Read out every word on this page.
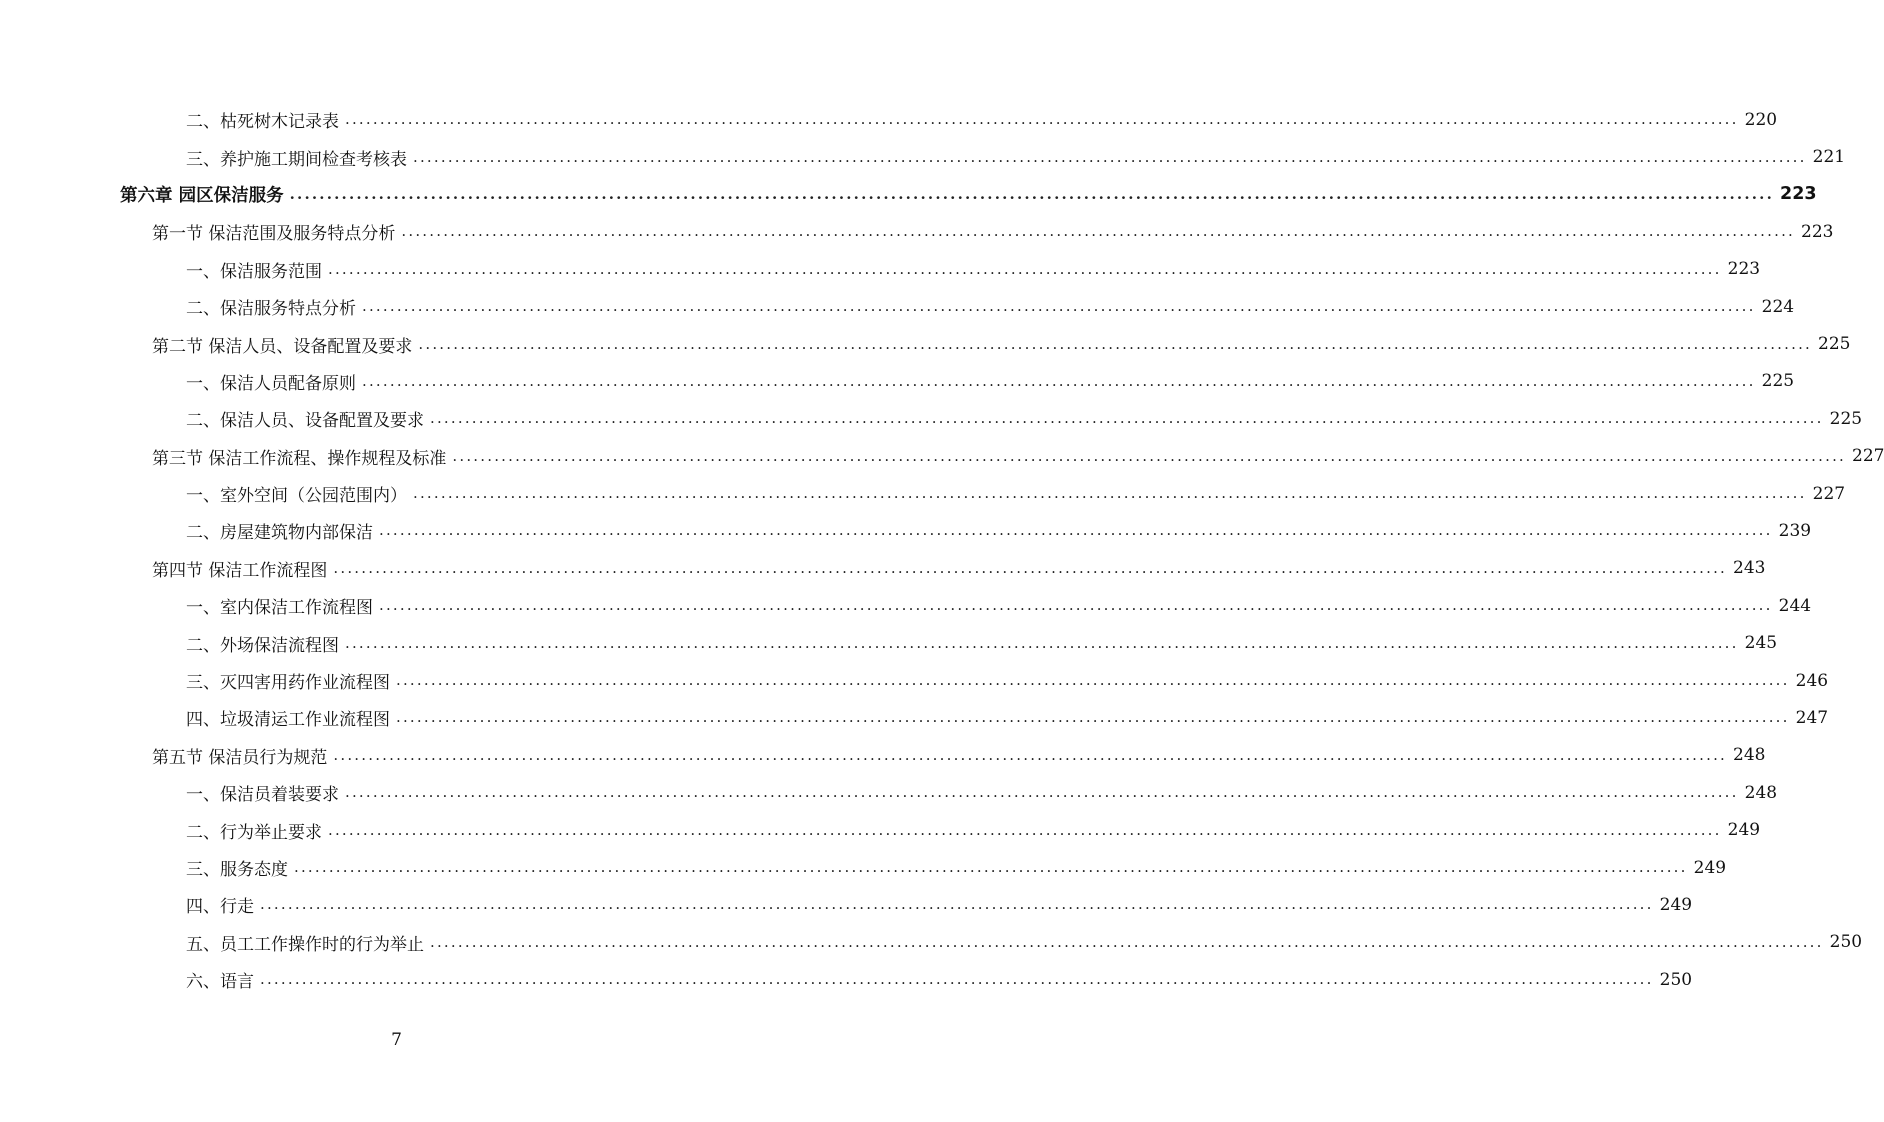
二、枯死树木记录表 ........................................................................................................................................................................................................ 220
三、养护施工期间检查考核表 ........................................................................................................................................................................................................ 221
第六章 园区保洁服务 ........................................................................................................................................................................................................ 223
第一节 保洁范围及服务特点分析 ........................................................................................................................................................................................................ 223
一、保洁服务范围 ........................................................................................................................................................................................................ 223
二、保洁服务特点分析 ........................................................................................................................................................................................................ 224
第二节 保洁人员、设备配置及要求 ........................................................................................................................................................................................................ 225
一、保洁人员配备原则 ........................................................................................................................................................................................................ 225
二、保洁人员、设备配置及要求 ........................................................................................................................................................................................................ 225
第三节 保洁工作流程、操作规程及标准 ........................................................................................................................................................................................................ 227
一、室外空间（公园范围内） ........................................................................................................................................................................................................ 227
二、房屋建筑物内部保洁 ........................................................................................................................................................................................................ 239
第四节 保洁工作流程图 ........................................................................................................................................................................................................ 243
一、室内保洁工作流程图 ........................................................................................................................................................................................................ 244
二、外场保洁流程图 ........................................................................................................................................................................................................ 245
三、灭四害用药作业流程图 ........................................................................................................................................................................................................ 246
四、垃圾清运工作业流程图 ........................................................................................................................................................................................................ 247
第五节 保洁员行为规范 ........................................................................................................................................................................................................ 248
一、保洁员着装要求 ........................................................................................................................................................................................................ 248
二、行为举止要求 ........................................................................................................................................................................................................ 249
三、服务态度 ........................................................................................................................................................................................................ 249
四、行走 ........................................................................................................................................................................................................ 249
五、员工工作操作时的行为举止 ........................................................................................................................................................................................................ 250
六、语言 ........................................................................................................................................................................................................ 250
7
